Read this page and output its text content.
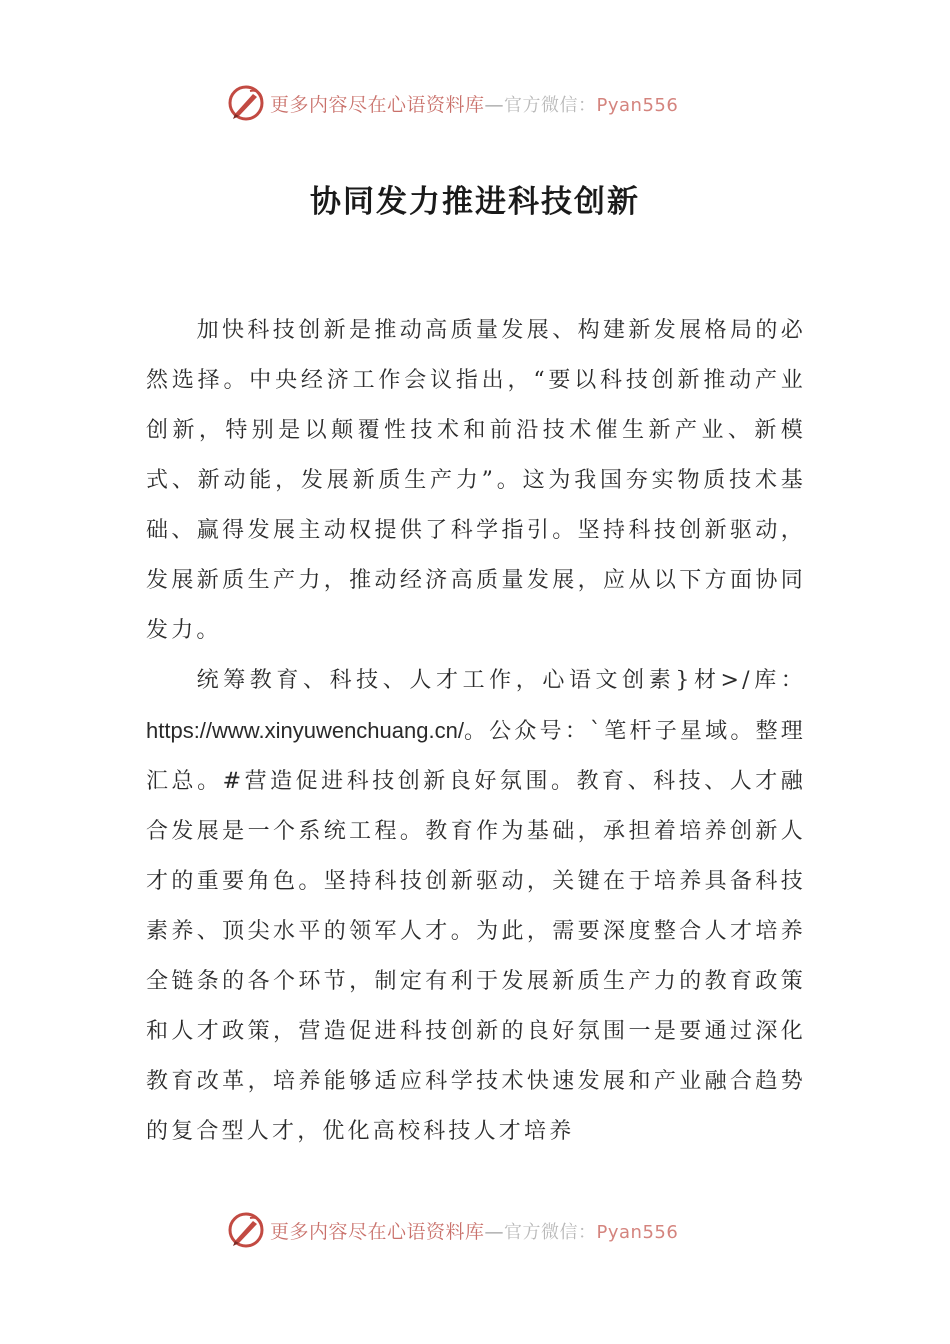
更多内容尽在心语资料库—官方微信：Pyan556
协同发力推进科技创新

加快科技创新是推动高质量发展、构建新发展格局的必然选择。中央经济工作会议指出，“要以科技创新推动产业创新，特别是以颠覆性技术和前沿技术催生新产业、新模式、新动能，发展新质生产力”。这为我国夯实物质技术基础、赢得发展主动权提供了科学指引。坚持科技创新驱动，发展新质生产力，推动经济高质量发展，应从以下方面协同发力。

统筹教育、科技、人才工作，心语文创素}材>/库：https://www.xinyuwenchuang.cn/。公众号：`笔杆子星域。整理汇总。#营造促进科技创新良好氛围。教育、科技、人才融合发展是一个系统工程。教育作为基础，承担着培养创新人才的重要角色。坚持科技创新驱动，关键在于培养具备科技素养、顶尖水平的领军人才。为此，需要深度整合人才培养全链条的各个环节，制定有利于发展新质生产力的教育政策和人才政策，营造促进科技创新的良好氛围一是要通过深化教育改革，培养能够适应科学技术快速发展和产业融合趋势的复合型人才，优化高校科技人才培养

更多内容尽在心语资料库—官方微信：Pyan556
